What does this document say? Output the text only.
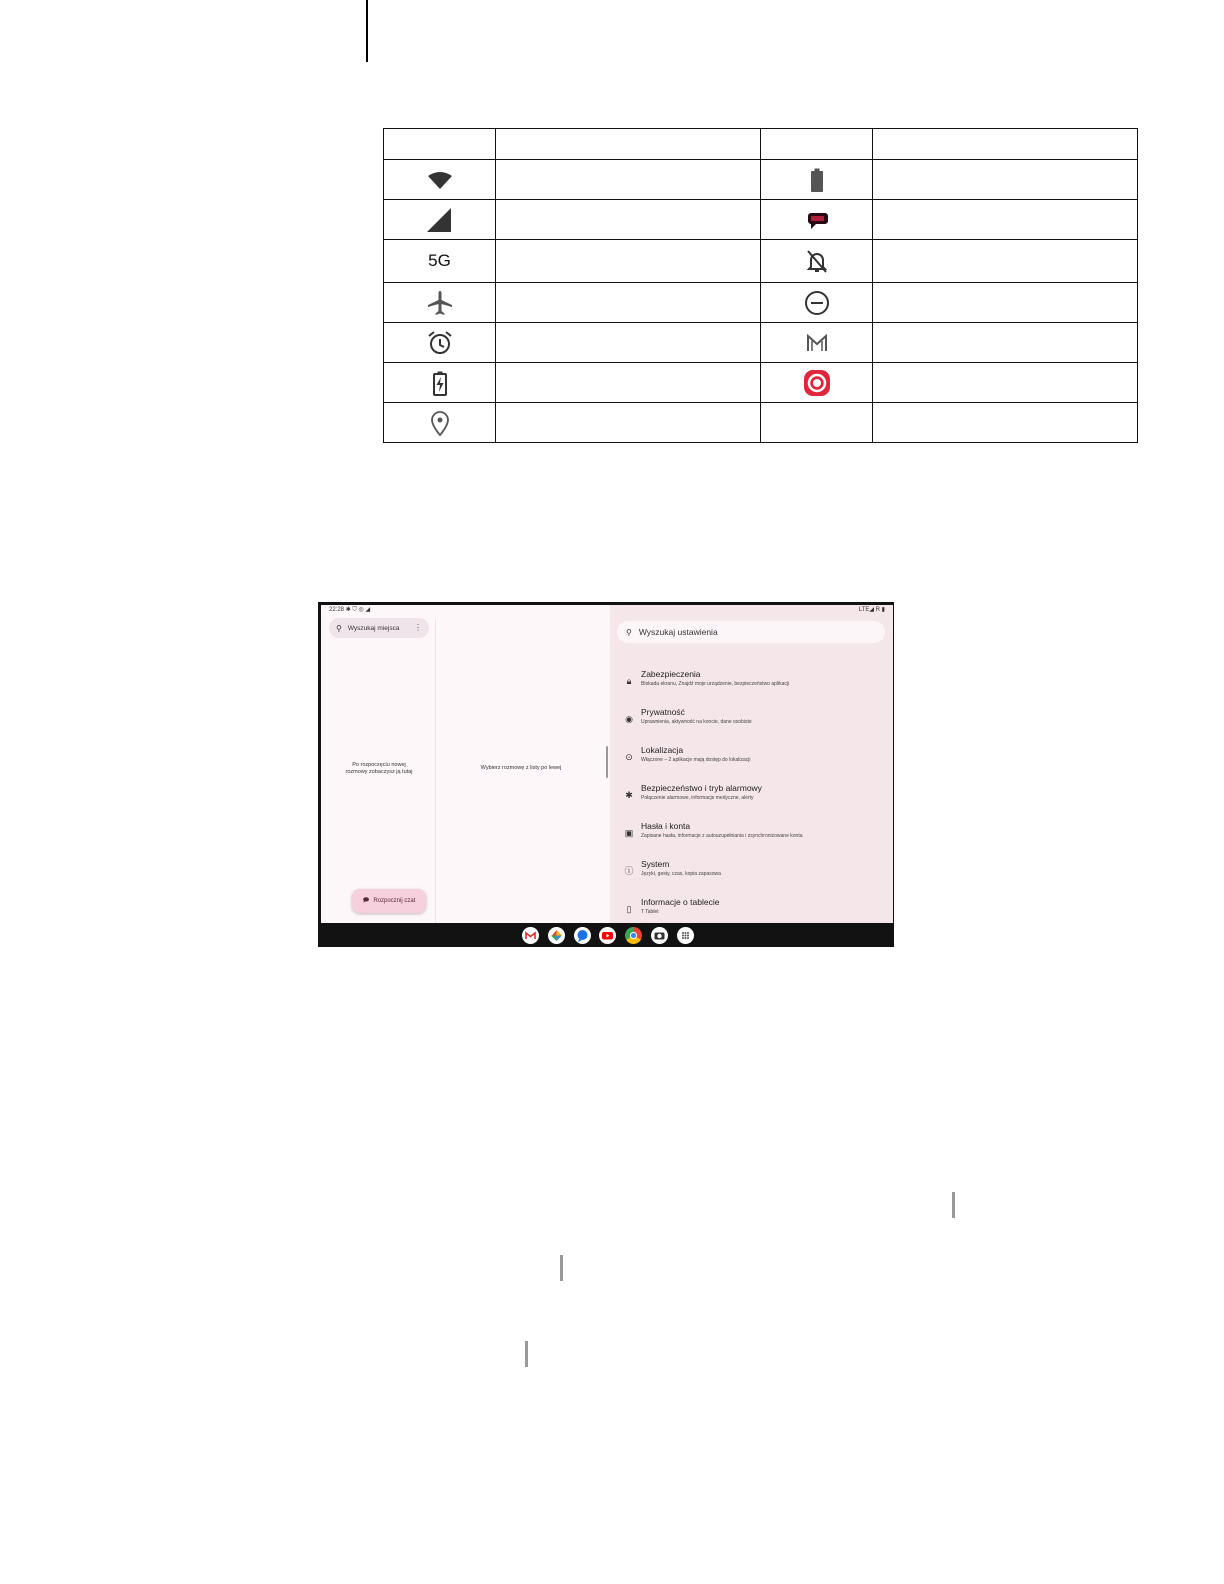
5G		

22:28 ✱ ⛉ ◎ ◢
⚲ Wyszukaj miejsca ⋮
Po rozpoczęciu nowej rozmowy zobaczysz ją tutaj
Wybierz rozmowę z listy po lewej
🗩 Rozpocznij czat
LTE◢ R ▮
⚲ Wyszukaj ustawienia
🔒︎
Zabezpieczenia
Blokada ekranu, Znajdź moje urządzenie, bezpieczeństwo aplikacji
◉
Prywatność
Uprawnienia, aktywność na koncie, dane osobiste
⊙
Lokalizacja
Włączone – 2 aplikacje mają dostęp do lokalizacji
✱
Bezpieczeństwo i tryb alarmowy
Połączenie alarmowe, informacje medyczne, alerty
▣
Hasła i konta
Zapisane hasła, informacje z autouzupełniania i zsynchronizowane konta
ⓘ
System
Języki, gesty, czas, kopia zapasowa
▯
Informacje o tablecie
T Tablet
